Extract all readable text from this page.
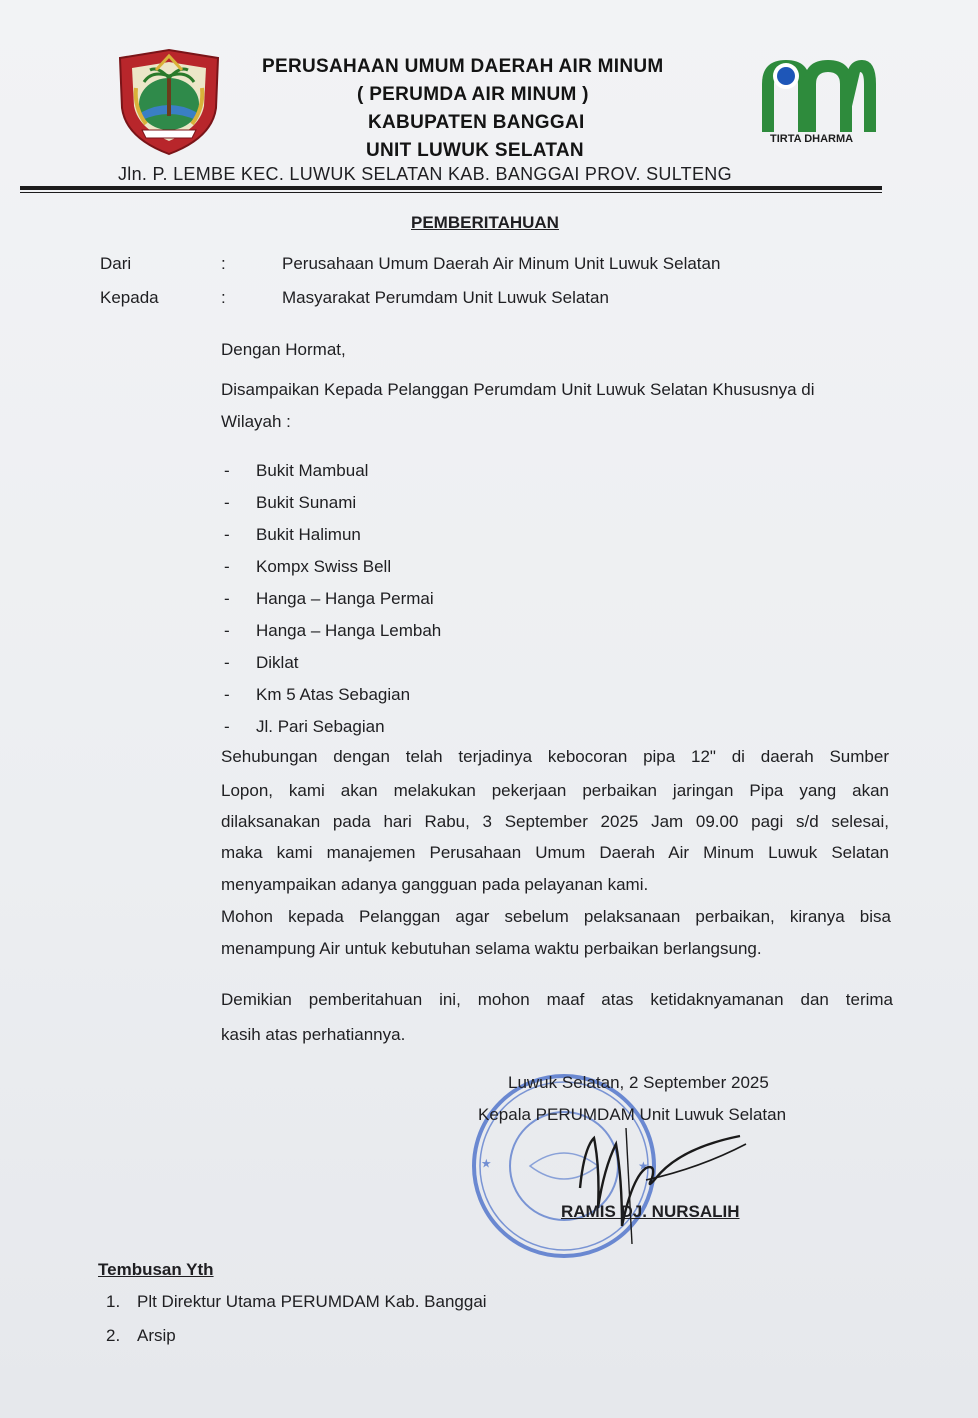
PERUSAHAAN UMUM DAERAH AIR MINUM
( PERUMDA AIR MINUM )
KABUPATEN BANGGAI
UNIT LUWUK SELATAN
TIRTA DHARMA
Jln. P. LEMBE KEC. LUWUK SELATAN KAB. BANGGAI PROV. SULTENG
PEMBERITAHUAN
Dari	:	Perusahaan Umum Daerah Air Minum Unit Luwuk Selatan
Kepada	:	Masyarakat Perumdam Unit Luwuk Selatan
Dengan Hormat,
Disampaikan Kepada Pelanggan Perumdam Unit Luwuk Selatan Khususnya di
Wilayah :
- Bukit Mambual
- Bukit Sunami
- Bukit Halimun
- Kompx Swiss Bell
- Hanga – Hanga Permai
- Hanga – Hanga Lembah
- Diklat
- Km 5 Atas Sebagian
- Jl. Pari Sebagian
Sehubungan dengan telah terjadinya kebocoran pipa 12" di daerah Sumber
Lopon, kami akan melakukan pekerjaan perbaikan jaringan Pipa yang akan
dilaksanakan pada hari Rabu, 3 September 2025 Jam 09.00 pagi s/d selesai,
maka kami manajemen Perusahaan Umum Daerah Air Minum Luwuk Selatan
menyampaikan adanya gangguan pada pelayanan kami.
Mohon kepada Pelanggan agar sebelum pelaksanaan perbaikan, kiranya bisa
menampung Air untuk kebutuhan selama waktu perbaikan berlangsung.
Demikian pemberitahuan ini, mohon maaf atas ketidaknyamanan dan terima
kasih atas perhatiannya.
★	★
Luwuk Selatan, 2 September 2025
Kepala PERUMDAM Unit Luwuk Selatan
RAMIS DJ. NURSALIH
Tembusan Yth
1. Plt Direktur Utama PERUMDAM Kab. Banggai
2. Arsip
